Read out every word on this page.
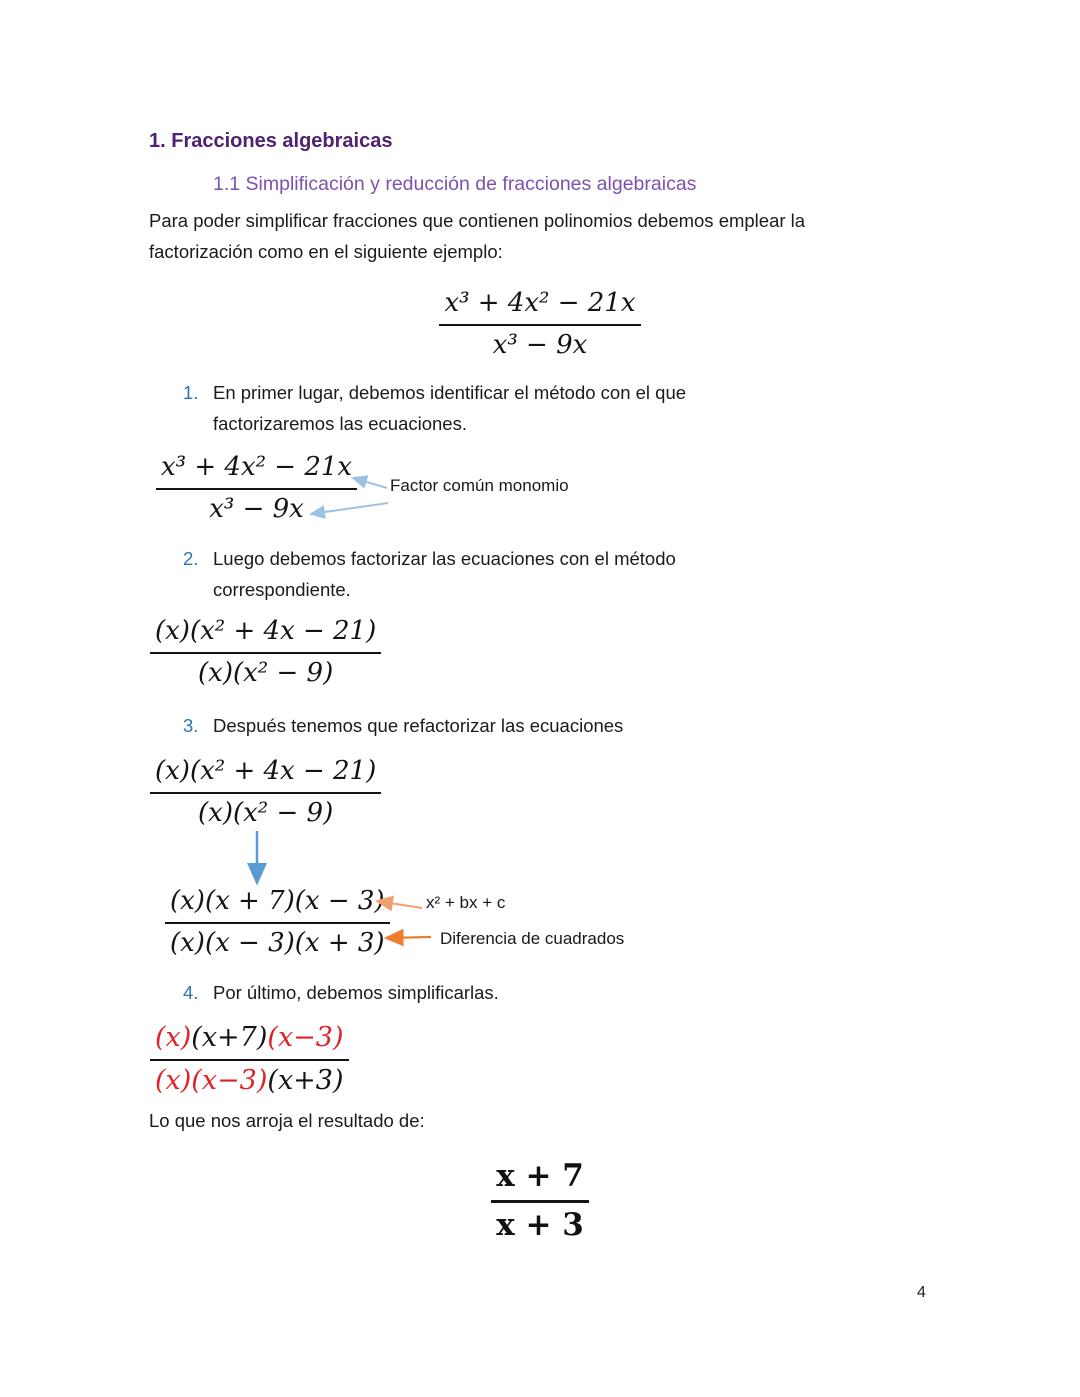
1. Fracciones algebraicas
1.1 Simplificación y reducción de fracciones algebraicas

Para poder simplificar fracciones que contienen polinomios debemos emplear la factorización como en el siguiente ejemplo:

$\frac{\text{x³ + 4x² − 21x}}{\text{x³ − 9x}}$
1. En primer lugar, debemos identificar el método con el que factorizaremos las ecuaciones.
$\frac{\text{x³ + 4x² − 21x}}{\text{x³ − 9x}}$ Factor común monomio
2. Luego debemos factorizar las ecuaciones con el método correspondiente.
$\frac{\text{(x)(x² + 4x − 21)}}{\text{(x)(x² − 9)}}$
3. Después tenemos que refactorizar las ecuaciones
$\frac{\text{(x)(x² + 4x − 21)}}{\text{(x)(x² − 9)}}$
$\frac{(x)(x + 7)(x - 3)}{(x)(x - 3)(x + 3)} x^2$ + bx + c
Diferencia de cuadrados
4. Por último, debemos simplificarlas.
$\frac{(x)(x+7)(x-3)}{(x)(x-3)(x+3)}$

Lo que nos arroja el resultado de:

$\frac{x + 7}{x + 3}$
4
